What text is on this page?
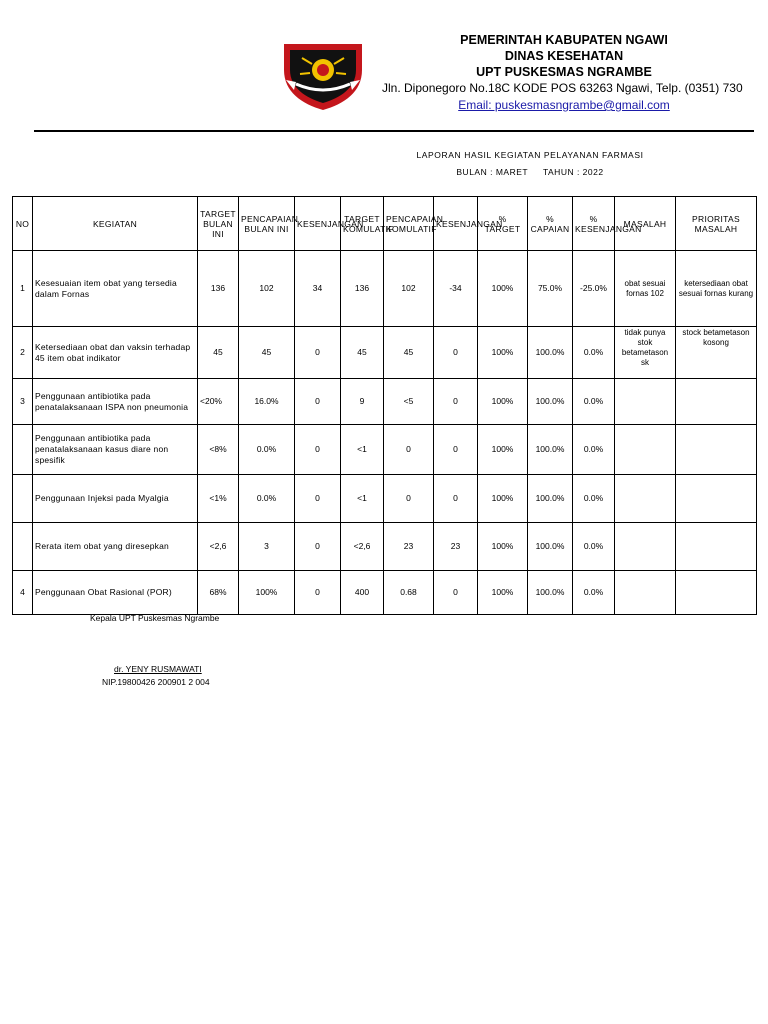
PEMERINTAH KABUPATEN NGAWI
DINAS KESEHATAN
UPT PUSKESMAS NGRAMBE
Jln. Diponegoro No.18C KODE POS 63263 Ngawi, Telp. (0351) 730
Email: puskesmasngrambe@gmail.com
LAPORAN HASIL KEGIATAN PELAYANAN FARMASI
BULAN : MARET TAHUN : 2022
NO	KEGIATAN	TARGET BULAN INI	PENCAPAIAN BULAN INI	KESENJANGAN	TARGET KOMULATIF	PENCAPAIAN KOMULATIF	KESENJANGAN	% TARGET	% CAPAIAN	% KESENJANGAN	MASALAH	PRIORITAS MASALAH
1	Kesesuaian item obat yang tersedia dalam Fornas	136	102	34	136	102	-34	100%	75.0%	-25.0%	obat sesuai fornas 102	ketersediaan obat sesuai fornas kurang
2	Ketersediaan obat dan vaksin terhadap 45 item obat indikator	45	45	0	45	45	0	100%	100.0%	0.0%	tidak punya stok betametason sk	stock betametason kosong
3	Penggunaan antibiotika pada penatalaksanaan ISPA non pneumonia	<20%	16.0%	0	9	<5	0	100%	100.0%	0.0%		
	Penggunaan antibiotika pada penatalaksanaan kasus diare non spesifik	<8%	0.0%	0	<1	0	0	100%	100.0%	0.0%		
	Penggunaan Injeksi pada Myalgia	<1%	0.0%	0	<1	0	0	100%	100.0%	0.0%		
	Rerata item obat yang diresepkan	<2,6	3	0	<2,6	23	23	100%	100.0%	0.0%		
4	Penggunaan Obat Rasional (POR)	68%	100%	0	400	0.68	0	100%	100.0%	0.0%		
Kepala UPT Puskesmas Ngrambe
dr. YENY RUSMAWATI
NIP.19800426 200901 2 004
